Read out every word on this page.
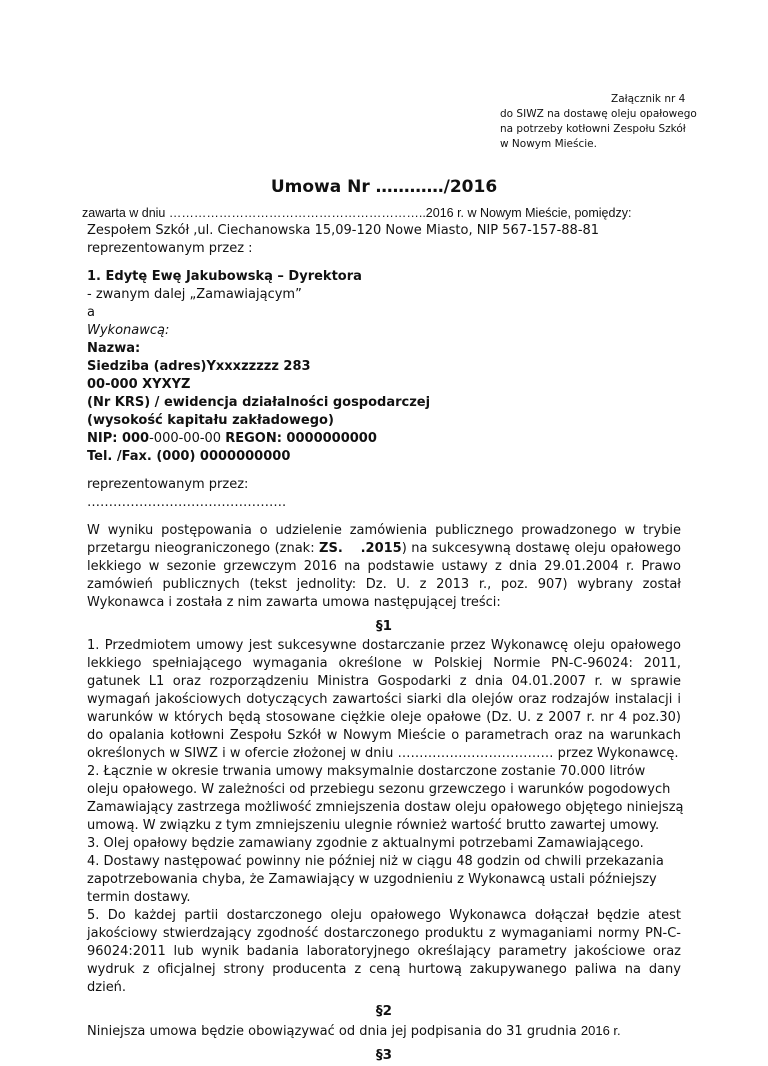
Załącznik nr 4
do SIWZ na dostawę oleju opałowego
na potrzeby kotłowni Zespołu Szkół
w Nowym Mieście.
Umowa Nr …………/2016
zawarta w dniu ……………………………………………………..2016 r. w Nowym Mieście, pomiędzy:
Zespołem Szkół ,ul. Ciechanowska 15,09-120 Nowe Miasto, NIP 567-157-88-81
reprezentowanym przez :
1. Edytę Ewę Jakubowską – Dyrektora
- zwanym dalej „Zamawiającym”
a
Wykonawcą:
Nazwa:
Siedziba (adres)Yxxxzzzzz 283
00-000 XYXYZ
(Nr KRS) / ewidencja działalności gospodarczej
(wysokość kapitału zakładowego)
NIP: 000-000-00-00 REGON: 0000000000
Tel. /Fax. (000) 0000000000
reprezentowanym przez:
……………………………………….
W wyniku postępowania o udzielenie zamówienia publicznego prowadzonego w trybie przetargu nieograniczonego (znak: ZS. .2015) na sukcesywną dostawę oleju opałowego lekkiego w sezonie grzewczym 2016 na podstawie ustawy z dnia 29.01.2004 r. Prawo zamówień publicznych (tekst jednolity: Dz. U. z 2013 r., poz. 907) wybrany został Wykonawca i została z nim zawarta umowa następującej treści:
§1
1. Przedmiotem umowy jest sukcesywne dostarczanie przez Wykonawcę oleju opałowego lekkiego spełniającego wymagania określone w Polskiej Normie PN-C-96024: 2011, gatunek L1 oraz rozporządzeniu Ministra Gospodarki z dnia 04.01.2007 r. w sprawie wymagań jakościowych dotyczących zawartości siarki dla olejów oraz rodzajów instalacji i warunków w których będą stosowane ciężkie oleje opałowe (Dz. U. z 2007 r. nr 4 poz.30) do opalania kotłowni Zespołu Szkół w Nowym Mieście o parametrach oraz na warunkach określonych w SIWZ i w ofercie złożonej w dniu ……………………………… przez Wykonawcę.
2. Łącznie w okresie trwania umowy maksymalnie dostarczone zostanie 70.000 litrów
oleju opałowego. W zależności od przebiegu sezonu grzewczego i warunków pogodowych
Zamawiający zastrzega możliwość zmniejszenia dostaw oleju opałowego objętego niniejszą
umową. W związku z tym zmniejszeniu ulegnie również wartość brutto zawartej umowy.
3. Olej opałowy będzie zamawiany zgodnie z aktualnymi potrzebami Zamawiającego.
4. Dostawy następować powinny nie później niż w ciągu 48 godzin od chwili przekazania
zapotrzebowania chyba, że Zamawiający w uzgodnieniu z Wykonawcą ustali późniejszy
termin dostawy.
5. Do każdej partii dostarczonego oleju opałowego Wykonawca dołączał będzie atest jakościowy stwierdzający zgodność dostarczonego produktu z wymaganiami normy PN-C-96024:2011 lub wynik badania laboratoryjnego określający parametry jakościowe oraz wydruk z oficjalnej strony producenta z ceną hurtową zakupywanego paliwa na dany dzień.
§2
Niniejsza umowa będzie obowiązywać od dnia jej podpisania do 31 grudnia 2016 r.
§3
